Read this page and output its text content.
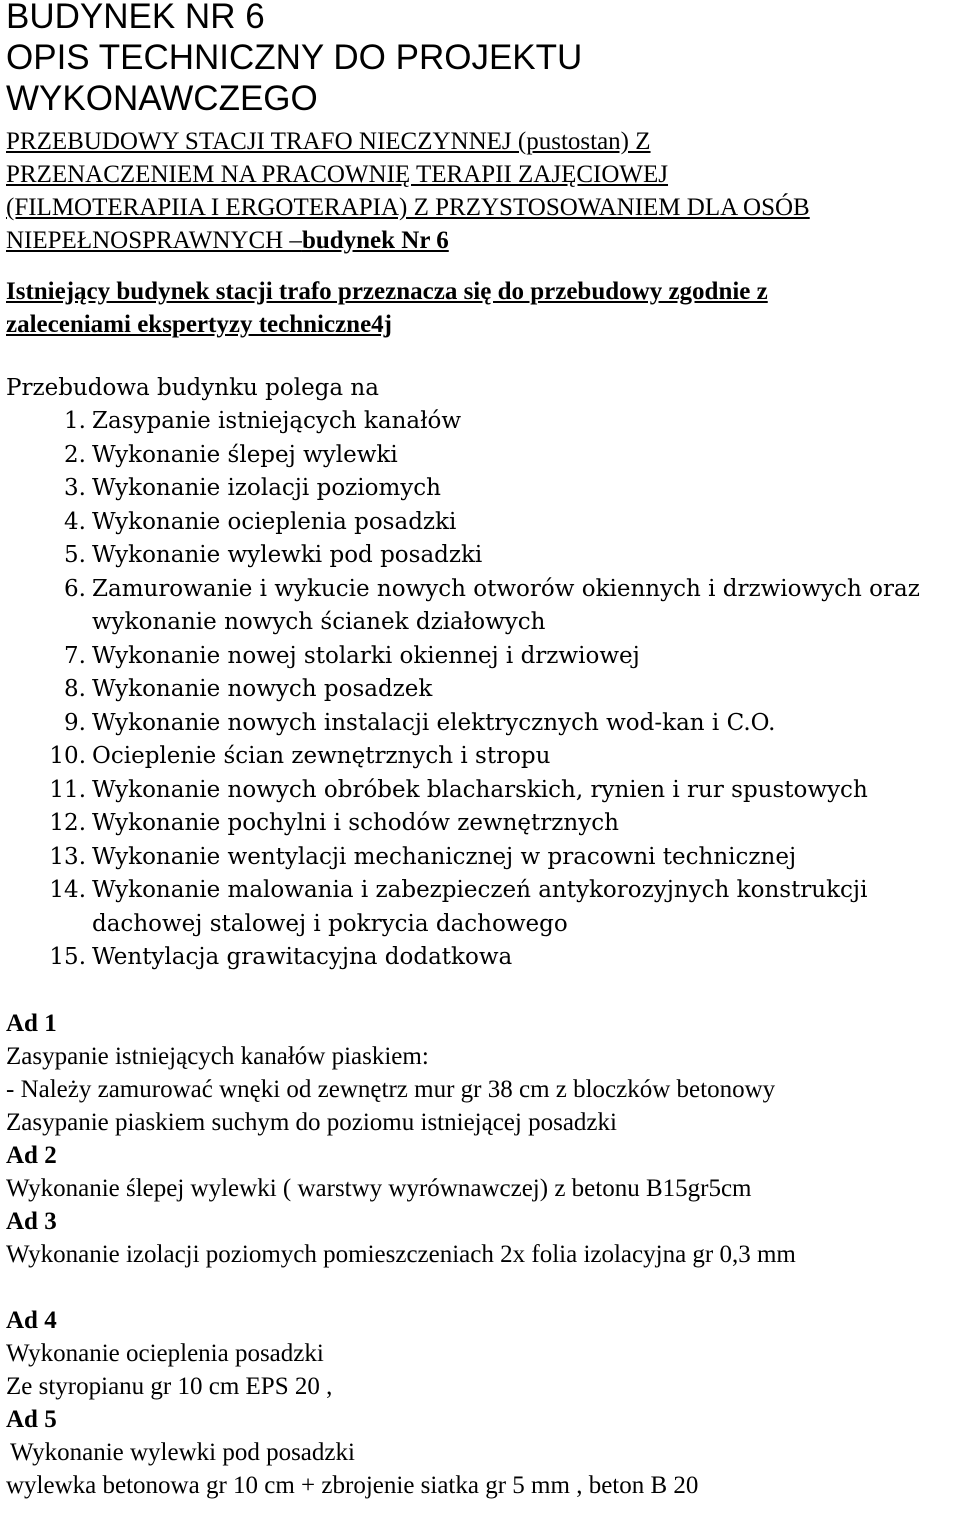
BUDYNEK NR 6

OPIS TECHNICZNY DO PROJEKTU

WYKONAWCZEGO

PRZEBUDOWY STACJI TRAFO NIECZYNNEJ (pustostan) Z
PRZENACZENIEM NA PRACOWNIĘ TERAPII ZAJĘCIOWEJ
(FILMOTERAPIIA I ERGOTERAPIA) Z PRZYSTOSOWANIEM DLA OSÓB
NIEPEŁNOSPRAWNYCH –budynek Nr 6
Istniejący budynek stacji trafo przeznacza się do przebudowy zgodnie z
zaleceniami ekspertyzy techniczne4j

Przebudowa budynku polega na

1. Zasypanie istniejących kanałów
2. Wykonanie ślepej wylewki
3. Wykonanie izolacji poziomych
4. Wykonanie ocieplenia posadzki
5. Wykonanie wylewki pod posadzki
6. Zamurowanie i wykucie nowych otworów okiennych i drzwiowych oraz
wykonanie nowych ścianek działowych
7. Wykonanie nowej stolarki okiennej i drzwiowej
8. Wykonanie nowych posadzek
9. Wykonanie nowych instalacji elektrycznych wod-kan i C.O.
10. Ocieplenie ścian zewnętrznych i stropu
11. Wykonanie nowych obróbek blacharskich, rynien i rur spustowych
12. Wykonanie pochylni i schodów zewnętrznych
13. Wykonanie wentylacji mechanicznej w pracowni technicznej
14. Wykonanie malowania i zabezpieczeń antykorozyjnych konstrukcji
dachowej stalowej i pokrycia dachowego
15. Wentylacja grawitacyjna dodatkowa

Ad 1

Zasypanie istniejących kanałów piaskiem:

- Należy zamurować wnęki od zewnętrz mur gr 38 cm z bloczków betonowy

Zasypanie piaskiem suchym do poziomu istniejącej posadzki

Ad 2

Wykonanie ślepej wylewki ( warstwy wyrównawczej) z betonu B15gr5cm

Ad 3

Wykonanie izolacji poziomych pomieszczeniach 2x folia izolacyjna gr 0,3 mm

Ad 4

Wykonanie ocieplenia posadzki

Ze styropianu gr 10 cm EPS 20 ,

Ad 5

Wykonanie wylewki pod posadzki

wylewka betonowa gr 10 cm + zbrojenie siatka gr 5 mm , beton B 20
